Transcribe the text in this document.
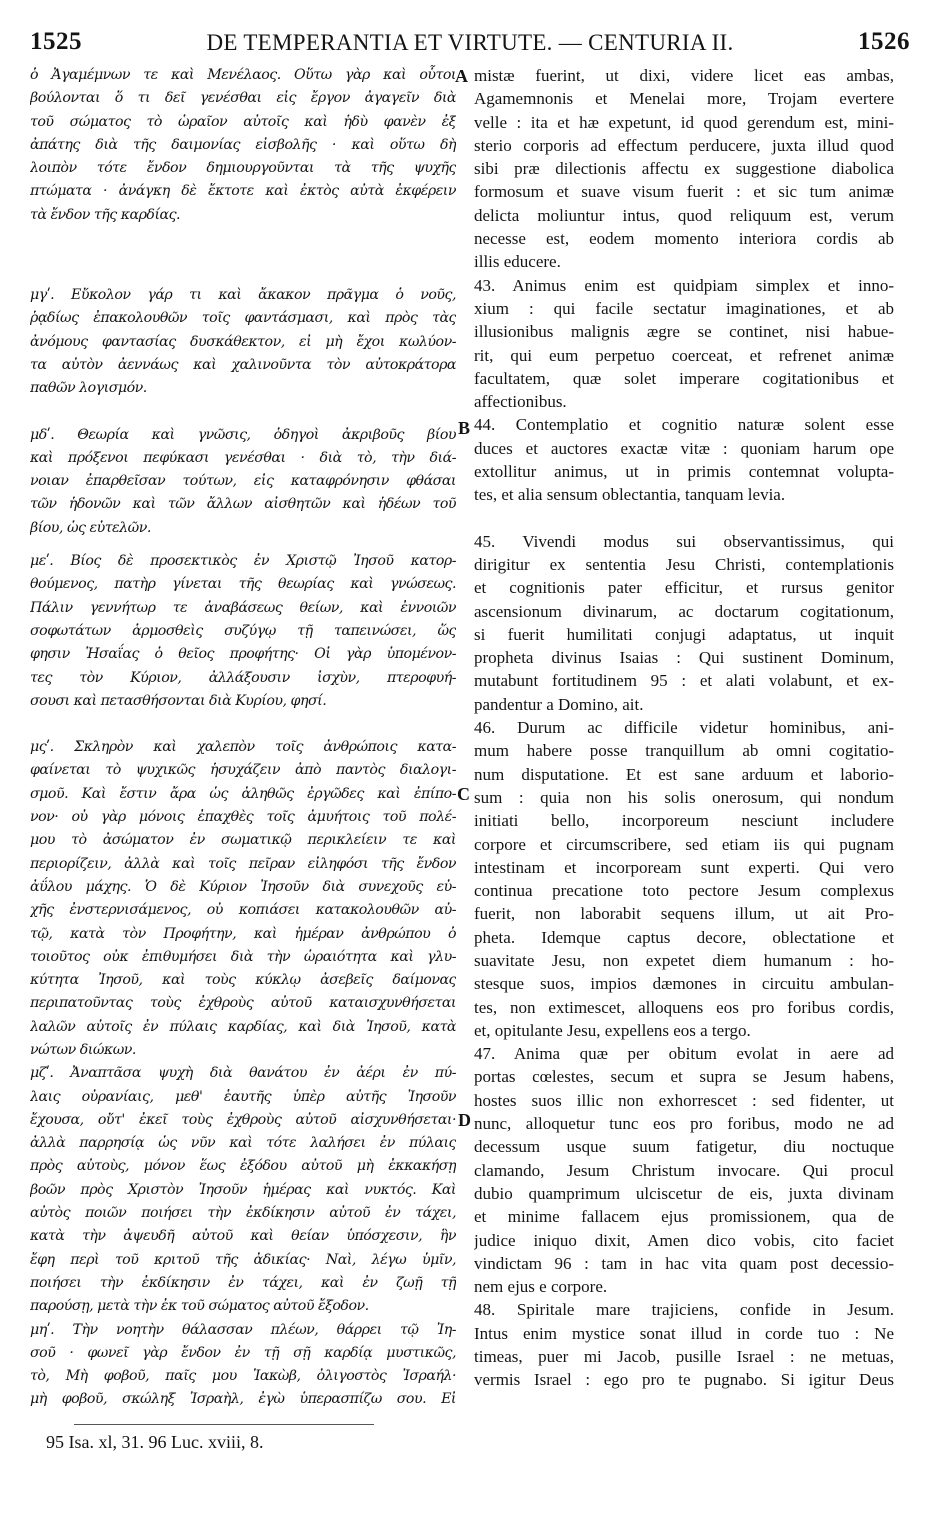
1525	DE TEMPERANTIA ET VIRTUTE. — CENTURIA II.	1526
A
B
C
D
ὁ Ἀγαμέμνων τε καὶ Μενέλαος. Οὕτω γὰρ καὶ οὗτοι
βούλονται ὅ τι δεῖ γενέσθαι εἰς ἔργον ἀγαγεῖν διὰ
τοῦ σώματος τὸ ὡραῖον αὐτοῖς καὶ ἡδὺ φανὲν ἐξ
ἀπάτης διὰ τῆς δαιμονίας εἰσβολῆς · καὶ οὕτω δὴ
λοιπὸν τότε ἔνδον δημιουργοῦνται τὰ τῆς ψυχῆς
πτώματα · ἀνάγκη δὲ ἔκτοτε καὶ ἐκτὸς αὐτὰ ἐκφέρειν
τὰ ἔνδον τῆς καρδίας.
μγʹ. Εὔκολον γάρ τι καὶ ἄκακον πρᾶγμα ὁ νοῦς,
ῥᾳδίως ἐπακολουθῶν τοῖς φαντάσμασι, καὶ πρὸς τὰς
ἀνόμους φαντασίας δυσκάθεκτον, εἰ μὴ ἔχοι κωλύον-
τα αὐτὸν ἀεννάως καὶ χαλινοῦντα τὸν αὐτοκράτορα
παθῶν λογισμόν.
μδʹ. Θεωρία καὶ γνῶσις, ὁδηγοὶ ἀκριβοῦς βίου
καὶ πρόξενοι πεφύκασι γενέσθαι · διὰ τὸ, τὴν διά-
νοιαν ἐπαρθεῖσαν τούτων, εἰς καταφρόνησιν φθάσαι
τῶν ἡδονῶν καὶ τῶν ἄλλων αἰσθητῶν καὶ ἡδέων τοῦ
βίου, ὡς εὐτελῶν.
μεʹ. Βίος δὲ προσεκτικὸς ἐν Χριστῷ Ἰησοῦ κατορ-
θούμενος, πατὴρ γίνεται τῆς θεωρίας καὶ γνώσεως.
Πάλιν γεννήτωρ τε ἀναβάσεως θείων, καὶ ἐννοιῶν
σοφωτάτων ἁρμοσθεὶς συζύγῳ τῇ ταπεινώσει, ὥς
φησιν Ἡσαΐας ὁ θεῖος προφήτης· Οἱ γὰρ ὑπομένον-
τες τὸν Κύριον, ἀλλάξουσιν ἰσχὺν, πτεροφυή-
σουσι καὶ πετασθήσονται διὰ Κυρίου, φησί.
μςʹ. Σκληρὸν καὶ χαλεπὸν τοῖς ἀνθρώποις κατα-
φαίνεται τὸ ψυχικῶς ἡσυχάζειν ἀπὸ παντὸς διαλογι-
σμοῦ. Καὶ ἔστιν ἄρα ὡς ἀληθῶς ἐργῶδες καὶ ἐπίπο-
νον· οὐ γὰρ μόνοις ἐπαχθὲς τοῖς ἀμυήτοις τοῦ πολέ-
μου τὸ ἀσώματον ἐν σωματικῷ περικλείειν τε καὶ
περιορίζειν, ἀλλὰ καὶ τοῖς πεῖραν εἰληφόσι τῆς ἔνδον
ἀΰλου μάχης. Ὁ δὲ Κύριον Ἰησοῦν διὰ συνεχοῦς εὐ-
χῆς ἐνστερνισάμενος, οὐ κοπιάσει κατακολουθῶν αὐ-
τῷ, κατὰ τὸν Προφήτην, καὶ ἡμέραν ἀνθρώπου ὁ
τοιοῦτος οὐκ ἐπιθυμήσει διὰ τὴν ὡραιότητα καὶ γλυ-
κύτητα Ἰησοῦ, καὶ τοὺς κύκλῳ ἀσεβεῖς δαίμονας
περιπατοῦντας τοὺς ἐχθροὺς αὐτοῦ καταισχυνθήσεται
λαλῶν αὐτοῖς ἐν πύλαις καρδίας, καὶ διὰ Ἰησοῦ, κατὰ
νώτων διώκων.
μζʹ. Ἀναπτᾶσα ψυχὴ διὰ θανάτου ἐν ἀέρι ἐν πύ-
λαις οὐρανίαις, μεθ' ἑαυτῆς ὑπὲρ αὐτῆς Ἰησοῦν
ἔχουσα, οὔτ' ἐκεῖ τοὺς ἐχθροὺς αὐτοῦ αἰσχυνθήσεται·
ἀλλὰ παρρησίᾳ ὡς νῦν καὶ τότε λαλήσει ἐν πύλαις
πρὸς αὐτοὺς, μόνον ἕως ἐξόδου αὐτοῦ μὴ ἐκκακήσῃ
βοῶν πρὸς Χριστὸν Ἰησοῦν ἡμέρας καὶ νυκτός. Καὶ
αὐτὸς ποιῶν ποιήσει τὴν ἐκδίκησιν αὐτοῦ ἐν τάχει,
κατὰ τὴν ἀψευδῆ αὐτοῦ καὶ θείαν ὑπόσχεσιν, ἣν
ἔφη περὶ τοῦ κριτοῦ τῆς ἀδικίας· Ναὶ, λέγω ὑμῖν,
ποιήσει τὴν ἐκδίκησιν ἐν τάχει, καὶ ἐν ζωῇ τῇ
παρούσῃ, μετὰ τὴν ἐκ τοῦ σώματος αὐτοῦ ἔξοδον.
μηʹ. Τὴν νοητὴν θάλασσαν πλέων, θάρρει τῷ Ἰη-
σοῦ · φωνεῖ γὰρ ἔνδον ἐν τῇ σῇ καρδίᾳ μυστικῶς,
τὸ, Μὴ φοβοῦ, παῖς μου Ἰακὼβ, ὀλιγοστὸς Ἰσραήλ·
μὴ φοβοῦ, σκώληξ Ἰσραὴλ, ἐγὼ ὑπερασπίζω σου. Εἰ
mistæ fuerint, ut dixi, videre licet eas ambas,
Agamemnonis et Menelai more, Trojam evertere
velle : ita et hæ expetunt, id quod gerendum est, mini-
sterio corporis ad effectum perducere, juxta illud quod
sibi præ dilectionis affectu ex suggestione diabolica
formosum et suave visum fuerit : et sic tum animæ
delicta moliuntur intus, quod reliquum est, verum
necesse est, eodem momento interiora cordis ab
illis educere.
43. Animus enim est quidpiam simplex et inno-
xium : qui facile sectatur imaginationes, et ab
illusionibus malignis ægre se continet, nisi habue-
rit, qui eum perpetuo coerceat, et refrenet animæ
facultatem, quæ solet imperare cogitationibus et
affectionibus.
44. Contemplatio et cognitio naturæ solent esse
duces et auctores exactæ vitæ : quoniam harum ope
extollitur animus, ut in primis contemnat volupta-
tes, et alia sensum oblectantia, tanquam levia.
45. Vivendi modus sui observantissimus, qui
dirigitur ex sententia Jesu Christi, contemplationis
et cognitionis pater efficitur, et rursus genitor
ascensionum divinarum, ac doctarum cogitationum,
si fuerit humilitati conjugi adaptatus, ut inquit
propheta divinus Isaias : Qui sustinent Dominum,
mutabunt fortitudinem 95 : et alati volabunt, et ex-
pandentur a Domino, ait.
46. Durum ac difficile videtur hominibus, ani-
mum habere posse tranquillum ab omni cogitatio-
num disputatione. Et est sane arduum et laborio-
sum : quia non his solis onerosum, qui nondum
initiati bello, incorporeum nesciunt includere
corpore et circumscribere, sed etiam iis qui pugnam
intestinam et incorpoream sunt experti. Qui vero
continua precatione toto pectore Jesum complexus
fuerit, non laborabit sequens illum, ut ait Pro-
pheta. Idemque captus decore, oblectatione et
suavitate Jesu, non expetet diem humanum : ho-
stesque suos, impios dæmones in circuitu ambulan-
tes, non extimescet, alloquens eos pro foribus cordis,
et, opitulante Jesu, expellens eos a tergo.
47. Anima quæ per obitum evolat in aere ad
portas cœlestes, secum et supra se Jesum habens,
hostes suos illic non exhorrescet : sed fidenter, ut
nunc, alloquetur tunc eos pro foribus, modo ne ad
decessum usque suum fatigetur, diu noctuque
clamando, Jesum Christum invocare. Qui procul
dubio quamprimum ulciscetur de eis, juxta divinam
et minime fallacem ejus promissionem, qua de
judice iniquo dixit, Amen dico vobis, cito faciet
vindictam 96 : tam in hac vita quam post decessio-
nem ejus e corpore.
48. Spiritale mare trajiciens, confide in Jesum.
Intus enim mystice sonat illud in corde tuo : Ne
timeas, puer mi Jacob, pusille Israel : ne metuas,
vermis Israel : ego pro te pugnabo. Si igitur Deus
95 Isa. xl, 31. 96 Luc. xviii, 8.
